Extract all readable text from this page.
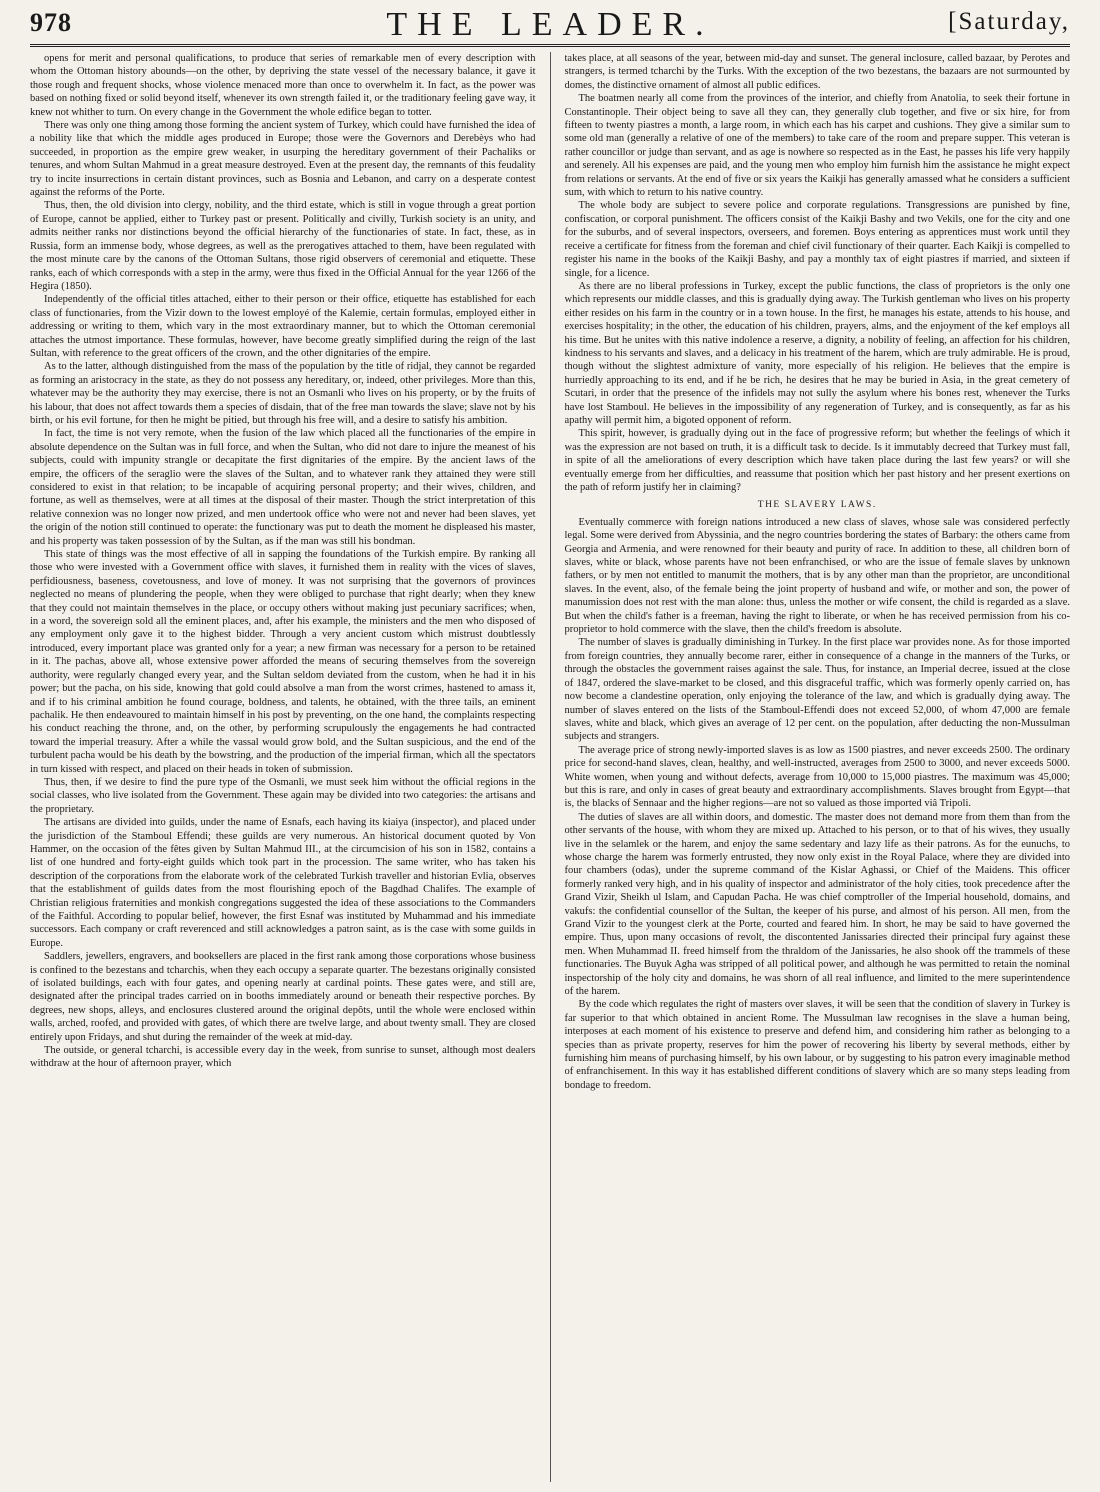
978	THE LEADER.	[Saturday,

opens for merit and personal qualifications, to produce that series of remarkable men of every description with whom the Ottoman history abounds—on the other, by depriving the state vessel of the necessary balance, it gave it those rough and frequent shocks, whose violence menaced more than once to overwhelm it. In fact, as the power was based on nothing fixed or solid beyond itself, whenever its own strength failed it, or the traditionary feeling gave way, it knew not whither to turn. On every change in the Government the whole edifice began to totter.

There was only one thing among those forming the ancient system of Turkey, which could have furnished the idea of a nobility like that which the middle ages produced in Europe; those were the Governors and Derebèys who had succeeded, in proportion as the empire grew weaker, in usurping the hereditary government of their Pachaliks or tenures, and whom Sultan Mahmud in a great measure destroyed. Even at the present day, the remnants of this feudality try to incite insurrections in certain distant provinces, such as Bosnia and Lebanon, and carry on a desperate contest against the reforms of the Porte.

Thus, then, the old division into clergy, nobility, and the third estate, which is still in vogue through a great portion of Europe, cannot be applied, either to Turkey past or present. Politically and civilly, Turkish society is an unity, and admits neither ranks nor distinctions beyond the official hierarchy of the functionaries of state. In fact, these, as in Russia, form an immense body, whose degrees, as well as the prerogatives attached to them, have been regulated with the most minute care by the canons of the Ottoman Sultans, those rigid observers of ceremonial and etiquette. These ranks, each of which corresponds with a step in the army, were thus fixed in the Official Annual for the year 1266 of the Hegira (1850).

Independently of the official titles attached, either to their person or their office, etiquette has established for each class of functionaries, from the Vizir down to the lowest employé of the Kalemie, certain formulas, employed either in addressing or writing to them, which vary in the most extraordinary manner, but to which the Ottoman ceremonial attaches the utmost importance. These formulas, however, have become greatly simplified during the reign of the last Sultan, with reference to the great officers of the crown, and the other dignitaries of the empire.

As to the latter, although distinguished from the mass of the population by the title of ridjal, they cannot be regarded as forming an aristocracy in the state, as they do not possess any hereditary, or, indeed, other privileges. More than this, whatever may be the authority they may exercise, there is not an Osmanli who lives on his property, or by the fruits of his labour, that does not affect towards them a species of disdain, that of the free man towards the slave; slave not by his birth, or his evil fortune, for then he might be pitied, but through his free will, and a desire to satisfy his ambition.

In fact, the time is not very remote, when the fusion of the law which placed all the functionaries of the empire in absolute dependence on the Sultan was in full force, and when the Sultan, who did not dare to injure the meanest of his subjects, could with impunity strangle or decapitate the first dignitaries of the empire. By the ancient laws of the empire, the officers of the seraglio were the slaves of the Sultan, and to whatever rank they attained they were still considered to exist in that relation; to be incapable of acquiring personal property; and their wives, children, and fortune, as well as themselves, were at all times at the disposal of their master. Though the strict interpretation of this relative connexion was no longer now prized, and men undertook office who were not and never had been slaves, yet the origin of the notion still continued to operate: the functionary was put to death the moment he displeased his master, and his property was taken possession of by the Sultan, as if the man was still his bondman.

This state of things was the most effective of all in sapping the foundations of the Turkish empire. By ranking all those who were invested with a Government office with slaves, it furnished them in reality with the vices of slaves, perfidiousness, baseness, covetousness, and love of money. It was not surprising that the governors of provinces neglected no means of plundering the people, when they were obliged to purchase that right dearly; when they knew that they could not maintain themselves in the place, or occupy others without making just pecuniary sacrifices; when, in a word, the sovereign sold all the eminent places, and, after his example, the ministers and the men who disposed of any employment only gave it to the highest bidder. Through a very ancient custom which mistrust doubtlessly introduced, every important place was granted only for a year; a new firman was necessary for a person to be retained in it. The pachas, above all, whose extensive power afforded the means of securing themselves from the sovereign authority, were regularly changed every year, and the Sultan seldom deviated from the custom, when he had it in his power; but the pacha, on his side, knowing that gold could absolve a man from the worst crimes, hastened to amass it, and if to his criminal ambition he found courage, boldness, and talents, he obtained, with the three tails, an eminent pachalik. He then endeavoured to maintain himself in his post by preventing, on the one hand, the complaints respecting his conduct reaching the throne, and, on the other, by performing scrupulously the engagements he had contracted toward the imperial treasury. After a while the vassal would grow bold, and the Sultan suspicious, and the end of the turbulent pacha would be his death by the bowstring, and the production of the imperial firman, which all the spectators in turn kissed with respect, and placed on their heads in token of submission.

Thus, then, if we desire to find the pure type of the Osmanli, we must seek him without the official regions in the social classes, who live isolated from the Government. These again may be divided into two categories: the artisans and the proprietary.

The artisans are divided into guilds, under the name of Esnafs, each having its kiaiya (inspector), and placed under the jurisdiction of the Stamboul Effendi; these guilds are very numerous. An historical document quoted by Von Hammer, on the occasion of the fêtes given by Sultan Mahmud III., at the circumcision of his son in 1582, contains a list of one hundred and forty-eight guilds which took part in the procession. The same writer, who has taken his description of the corporations from the elaborate work of the celebrated Turkish traveller and historian Evlia, observes that the establishment of guilds dates from the most flourishing epoch of the Bagdhad Chalifes. The example of Christian religious fraternities and monkish congregations suggested the idea of these associations to the Commanders of the Faithful. According to popular belief, however, the first Esnaf was instituted by Muhammad and his immediate successors. Each company or craft reverenced and still acknowledges a patron saint, as is the case with some guilds in Europe.

Saddlers, jewellers, engravers, and booksellers are placed in the first rank among those corporations whose business is confined to the bezestans and tcharchis, when they each occupy a separate quarter. The bezestans originally consisted of isolated buildings, each with four gates, and opening nearly at cardinal points. These gates were, and still are, designated after the principal trades carried on in booths immediately around or beneath their respective porches. By degrees, new shops, alleys, and enclosures clustered around the original depôts, until the whole were enclosed within walls, arched, roofed, and provided with gates, of which there are twelve large, and about twenty small. They are closed entirely upon Fridays, and shut during the remainder of the week at mid-day.

The outside, or general tcharchi, is accessible every day in the week, from sunrise to sunset, although most dealers withdraw at the hour of afternoon prayer, which

takes place, at all seasons of the year, between mid-day and sunset. The general inclosure, called bazaar, by Perotes and strangers, is termed tcharchi by the Turks. With the exception of the two bezestans, the bazaars are not surmounted by domes, the distinctive ornament of almost all public edifices.

The boatmen nearly all come from the provinces of the interior, and chiefly from Anatolia, to seek their fortune in Constantinople. Their object being to save all they can, they generally club together, and five or six hire, for from fifteen to twenty piastres a month, a large room, in which each has his carpet and cushions. They give a similar sum to some old man (generally a relative of one of the members) to take care of the room and prepare supper. This veteran is rather councillor or judge than servant, and as age is nowhere so respected as in the East, he passes his life very happily and serenely. All his expenses are paid, and the young men who employ him furnish him the assistance he might expect from relations or servants. At the end of five or six years the Kaikji has generally amassed what he considers a sufficient sum, with which to return to his native country.

The whole body are subject to severe police and corporate regulations. Transgressions are punished by fine, confiscation, or corporal punishment. The officers consist of the Kaikji Bashy and two Vekils, one for the city and one for the suburbs, and of several inspectors, overseers, and foremen. Boys entering as apprentices must work until they receive a certificate for fitness from the foreman and chief civil functionary of their quarter. Each Kaikji is compelled to register his name in the books of the Kaikji Bashy, and pay a monthly tax of eight piastres if married, and sixteen if single, for a licence.

As there are no liberal professions in Turkey, except the public functions, the class of proprietors is the only one which represents our middle classes, and this is gradually dying away. The Turkish gentleman who lives on his property either resides on his farm in the country or in a town house. In the first, he manages his estate, attends to his house, and exercises hospitality; in the other, the education of his children, prayers, alms, and the enjoyment of the kef employs all his time. But he unites with this native indolence a reserve, a dignity, a nobility of feeling, an affection for his children, kindness to his servants and slaves, and a delicacy in his treatment of the harem, which are truly admirable. He is proud, though without the slightest admixture of vanity, more especially of his religion. He believes that the empire is hurriedly approaching to its end, and if he be rich, he desires that he may be buried in Asia, in the great cemetery of Scutari, in order that the presence of the infidels may not sully the asylum where his bones rest, whenever the Turks have lost Stamboul. He believes in the impossibility of any regeneration of Turkey, and is consequently, as far as his apathy will permit him, a bigoted opponent of reform.

This spirit, however, is gradually dying out in the face of progressive reform; but whether the feelings of which it was the expression are not based on truth, it is a difficult task to decide. Is it immutably decreed that Turkey must fall, in spite of all the ameliorations of every description which have taken place during the last few years? or will she eventually emerge from her difficulties, and reassume that position which her past history and her present exertions on the path of reform justify her in claiming?

THE SLAVERY LAWS.

Eventually commerce with foreign nations introduced a new class of slaves, whose sale was considered perfectly legal. Some were derived from Abyssinia, and the negro countries bordering the states of Barbary: the others came from Georgia and Armenia, and were renowned for their beauty and purity of race. In addition to these, all children born of slaves, white or black, whose parents have not been enfranchised, or who are the issue of female slaves by unknown fathers, or by men not entitled to manumit the mothers, that is by any other man than the proprietor, are unconditional slaves. In the event, also, of the female being the joint property of husband and wife, or mother and son, the power of manumission does not rest with the man alone: thus, unless the mother or wife consent, the child is regarded as a slave. But when the child's father is a freeman, having the right to liberate, or when he has received permission from his co-proprietor to hold commerce with the slave, then the child's freedom is absolute.

The number of slaves is gradually diminishing in Turkey. In the first place war provides none. As for those imported from foreign countries, they annually become rarer, either in consequence of a change in the manners of the Turks, or through the obstacles the government raises against the sale. Thus, for instance, an Imperial decree, issued at the close of 1847, ordered the slave-market to be closed, and this disgraceful traffic, which was formerly openly carried on, has now become a clandestine operation, only enjoying the tolerance of the law, and which is gradually dying away. The number of slaves entered on the lists of the Stamboul-Effendi does not exceed 52,000, of whom 47,000 are female slaves, white and black, which gives an average of 12 per cent. on the population, after deducting the non-Mussulman subjects and strangers.

The average price of strong newly-imported slaves is as low as 1500 piastres, and never exceeds 2500. The ordinary price for second-hand slaves, clean, healthy, and well-instructed, averages from 2500 to 3000, and never exceeds 5000. White women, when young and without defects, average from 10,000 to 15,000 piastres. The maximum was 45,000; but this is rare, and only in cases of great beauty and extraordinary accomplishments. Slaves brought from Egypt—that is, the blacks of Sennaar and the higher regions—are not so valued as those imported viâ Tripoli.

The duties of slaves are all within doors, and domestic. The master does not demand more from them than from the other servants of the house, with whom they are mixed up. Attached to his person, or to that of his wives, they usually live in the selamlek or the harem, and enjoy the same sedentary and lazy life as their patrons. As for the eunuchs, to whose charge the harem was formerly entrusted, they now only exist in the Royal Palace, where they are divided into four chambers (odas), under the supreme command of the Kislar Aghassi, or Chief of the Maidens. This officer formerly ranked very high, and in his quality of inspector and administrator of the holy cities, took precedence after the Grand Vizir, Sheikh ul Islam, and Capudan Pacha. He was chief comptroller of the Imperial household, domains, and vakufs: the confidential counsellor of the Sultan, the keeper of his purse, and almost of his person. All men, from the Grand Vizir to the youngest clerk at the Porte, courted and feared him. In short, he may be said to have governed the empire. Thus, upon many occasions of revolt, the discontented Janissaries directed their principal fury against these men. When Muhammad II. freed himself from the thraldom of the Janissaries, he also shook off the trammels of these functionaries. The Buyuk Agha was stripped of all political power, and although he was permitted to retain the nominal inspectorship of the holy city and domains, he was shorn of all real influence, and limited to the mere superintendence of the harem.

By the code which regulates the right of masters over slaves, it will be seen that the condition of slavery in Turkey is far superior to that which obtained in ancient Rome. The Mussulman law recognises in the slave a human being, interposes at each moment of his existence to preserve and defend him, and considering him rather as belonging to a species than as private property, reserves for him the power of recovering his liberty by several methods, either by furnishing him means of purchasing himself, by his own labour, or by suggesting to his patron every imaginable method of enfranchisement. In this way it has established different conditions of slavery which are so many steps leading from bondage to freedom.
